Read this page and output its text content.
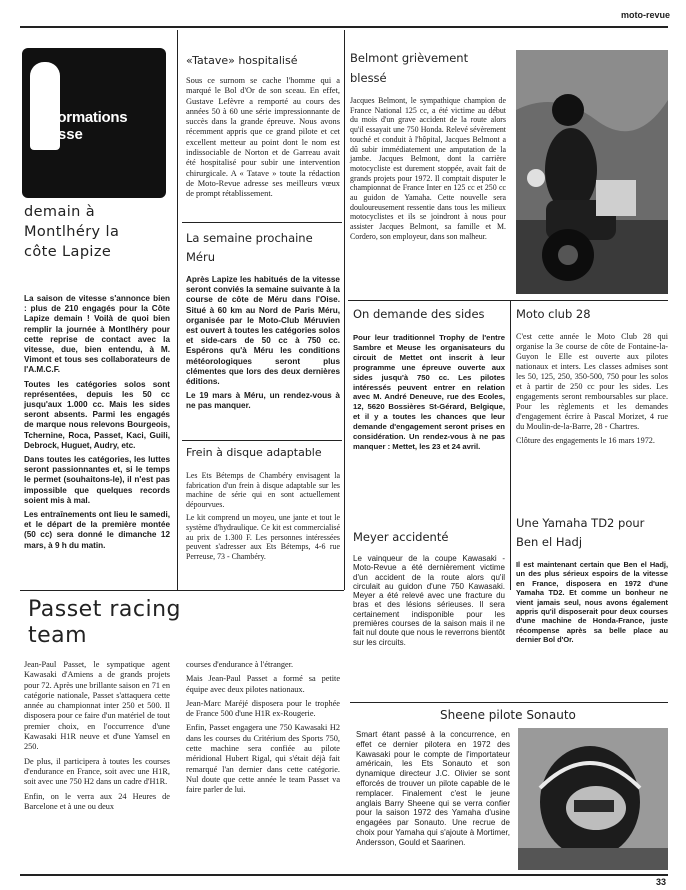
moto-revue
Informations
vitesse
demain à Montlhéry la côte Lapize

La saison de vitesse s'annonce bien : plus de 210 engagés pour la Côte Lapize demain ! Voilà de quoi bien remplir la journée à Montlhéry pour cette reprise de contact avec la vitesse, due, bien entendu, à M. Vimont et tous ses collaborateurs de l'A.M.C.F.

Toutes les catégories solos sont représentées, depuis les 50 cc jusqu'aux 1.000 cc. Mais les sides seront absents. Parmi les engagés de marque nous relevons Bourgeois, Tchernine, Roca, Passet, Kaci, Guili, Debrock, Huguet, Audry, etc.

Dans toutes les catégories, les luttes seront passionnantes et, si le temps le permet (souhaitons-le), il n'est pas impossible que quelques records soient mis à mal.

Les entraînements ont lieu le samedi, et le départ de la première montée (50 cc) sera donné le dimanche 12 mars, à 9 h du matin.

«Tatave» hospitalisé
Sous ce surnom se cache l'homme qui a marqué le Bol d'Or de son sceau. En effet, Gustave Lefèvre a remporté au cours des années 50 à 60 une série impressionnante de succès dans la grande épreuve. Nous avons récemment appris que ce grand pilote et cet excellent metteur au point dont le nom est indissociable de Norton et de Garreau avait été hospitalisé pour subir une intervention chirurgicale. A « Tatave » toute la rédaction de Moto-Revue adresse ses meilleurs vœux de prompt rétablissement.
La semaine prochaine Méru

Après Lapize les habitués de la vitesse seront conviés la semaine suivante à la course de côte de Méru dans l'Oise. Situé à 60 km au Nord de Paris Méru, organisée par le Moto-Club Méruvien est ouvert à toutes les catégories solos et side-cars de 50 cc à 750 cc. Espérons qu'à Méru les conditions météorologiques seront plus clémentes que lors des deux dernières éditions.

Le 19 mars à Méru, un rendez-vous à ne pas manquer.

Frein à disque adaptable

Les Ets Bétemps de Chambéry envisagent la fabrication d'un frein à disque adaptable sur les machine de série qui en sont actuellement dépourvues.

Le kit comprend un moyeu, une jante et tout le système d'hydraulique. Ce kit est commercialisé au prix de 1.300 F. Les personnes intéressées peuvent s'adresser aux Ets Bétemps, 4-6 rue Perreuse, 73 - Chambéry.

Belmont grièvement blessé
Jacques Belmont, le sympathique champion de France National 125 cc, a été victime au début du mois d'un grave accident de la route alors qu'il essayait une 750 Honda. Relevé sévèrement touché et conduit à l'hôpital, Jacques Belmont a dû subir immédiatement une amputation de la jambe. Jacques Belmont, dont la carrière motocycliste est durement stoppée, avait fait de grands projets pour 1972. Il comptait disputer le championnat de France Inter en 125 cc et 250 cc au guidon de Yamaha. Cette nouvelle sera douloureusement ressentie dans tous les milieux motocyclistes et ils se joindront à nous pour assister Jacques Belmont, sa famille et M. Cordero, son employeur, dans son malheur.
On demande des sides
Pour leur traditionnel Trophy de l'entre Sambre et Meuse les organisateurs du circuit de Mettet ont inscrit à leur programme une épreuve ouverte aux sides jusqu'à 750 cc. Les pilotes intéressés peuvent entrer en relation avec M. André Deneuve, rue des Ecoles, 12, 5620 Bossières St-Gérard, Belgique, et il y a toutes les chances que leur demande d'engagement seront prises en considération. Un rendez-vous à ne pas manquer : Mettet, les 23 et 24 avril.
Meyer accidenté
Le vainqueur de la coupe Kawasaki - Moto-Revue a été dernièrement victime d'un accident de la route alors qu'il circulait au guidon d'une 750 Kawasaki. Meyer a été relevé avec une fracture du bras et des lésions sérieuses. Il sera certainement indisponible pour les premières courses de la saison mais il ne fait nul doute que nous le reverrons bientôt sur les circuits.
Moto club 28

C'est cette année le Moto Club 28 qui organise la 3e course de côte de Fontaine-la-Guyon le Elle est ouverte aux pilotes nationaux et inters. Les classes admises sont les 50, 125, 250, 350-500, 750 pour les solos et à partir de 250 cc pour les sides. Les engagements seront remboursables sur place. Pour les règlements et les demandes d'engagement écrire à Pascal Morizet, 4 rue du Moulin-de-la-Barre, 28 - Chartres.

Clôture des engagements le 16 mars 1972.

Une Yamaha TD2 pour Ben el Hadj
Il est maintenant certain que Ben el Hadj, un des plus sérieux espoirs de la vitesse en France, disposera en 1972 d'une Yamaha TD2. Et comme un bonheur ne vient jamais seul, nous avons également appris qu'il disposerait pour deux courses d'une machine de Honda-France, juste récompense après sa belle place au dernier Bol d'Or.
Passet racing team

Jean-Paul Passet, le sympatique agent Kawasaki d'Amiens a de grands projets pour 72. Après une brillante saison en 71 en catégorie nationale, Passet s'attaquera cette année au championnat inter 250 et 500. Il disposera pour ce faire d'un matériel de tout premier choix, en l'occurrence d'une Kawasaki H1R neuve et d'une Yamsel en 250.

De plus, il participera à toutes les courses d'endurance en France, soit avec une H1R, soit avec une 750 H2 dans un cadre d'H1R.

Enfin, on le verra aux 24 Heures de Barcelone et à une ou deux

courses d'endurance à l'étranger.

Mais Jean-Paul Passet a formé sa petite équipe avec deux pilotes nationaux.

Jean-Marc Maréjé disposera pour le trophée de France 500 d'une H1R ex-Rougerie.

Enfin, Passet engagera une 750 Kawasaki H2 dans les courses du Critérium des Sports 750, cette machine sera confiée au pilote méridional Hubert Rigal, qui s'était déjà fait remarqué l'an dernier dans cette catégorie. Nul doute que cette année le team Passet va faire parler de lui.

Sheene pilote Sonauto
Smart étant passé à la concurrence, en effet ce dernier pilotera en 1972 des Kawasaki pour le compte de l'importateur américain, les Ets Sonauto et son dynamique directeur J.C. Olivier se sont efforcés de trouver un pilote capable de le remplacer. Finalement c'est le jeune anglais Barry Sheene qui se verra confier pour la saison 1972 des Yamaha d'usine engagées par Sonauto. Une recrue de choix pour Yamaha qui s'ajoute à Mortimer, Andersson, Gould et Saarinen.
33
